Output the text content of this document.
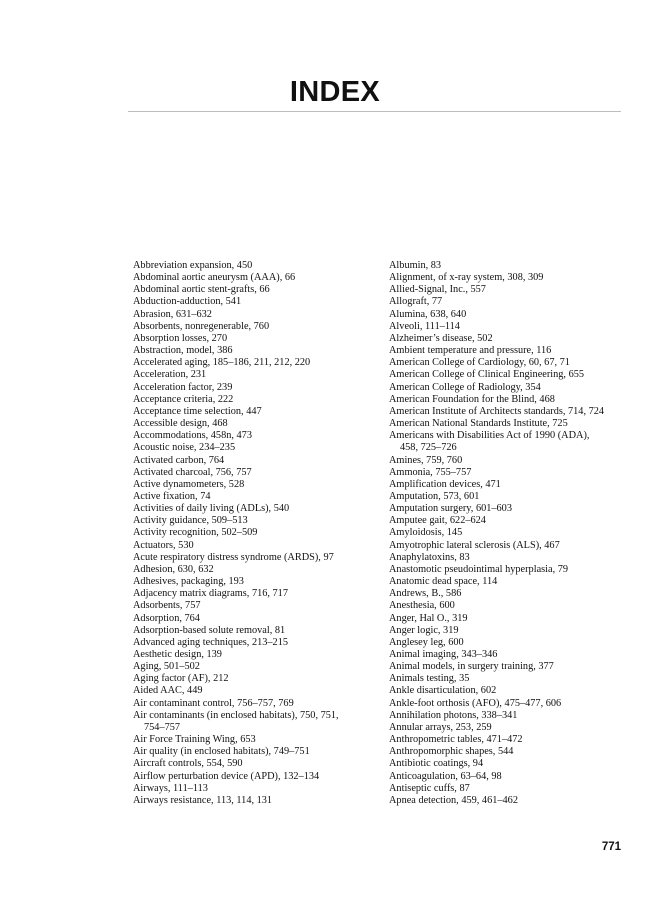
INDEX
Abbreviation expansion, 450
Abdominal aortic aneurysm (AAA), 66
Abdominal aortic stent-grafts, 66
Abduction-adduction, 541
Abrasion, 631–632
Absorbents, nonregenerable, 760
Absorption losses, 270
Abstraction, model, 386
Accelerated aging, 185–186, 211, 212, 220
Acceleration, 231
Acceleration factor, 239
Acceptance criteria, 222
Acceptance time selection, 447
Accessible design, 468
Accommodations, 458n, 473
Acoustic noise, 234–235
Activated carbon, 764
Activated charcoal, 756, 757
Active dynamometers, 528
Active fixation, 74
Activities of daily living (ADLs), 540
Activity guidance, 509–513
Activity recognition, 502–509
Actuators, 530
Acute respiratory distress syndrome (ARDS), 97
Adhesion, 630, 632
Adhesives, packaging, 193
Adjacency matrix diagrams, 716, 717
Adsorbents, 757
Adsorption, 764
Adsorption-based solute removal, 81
Advanced aging techniques, 213–215
Aesthetic design, 139
Aging, 501–502
Aging factor (AF), 212
Aided AAC, 449
Air contaminant control, 756–757, 769
Air contaminants (in enclosed habitats), 750, 751,
754–757
Air Force Training Wing, 653
Air quality (in enclosed habitats), 749–751
Aircraft controls, 554, 590
Airflow perturbation device (APD), 132–134
Airways, 111–113
Airways resistance, 113, 114, 131
Albumin, 83
Alignment, of x-ray system, 308, 309
Allied-Signal, Inc., 557
Allograft, 77
Alumina, 638, 640
Alveoli, 111–114
Alzheimer’s disease, 502
Ambient temperature and pressure, 116
American College of Cardiology, 60, 67, 71
American College of Clinical Engineering, 655
American College of Radiology, 354
American Foundation for the Blind, 468
American Institute of Architects standards, 714, 724
American National Standards Institute, 725
Americans with Disabilities Act of 1990 (ADA),
458, 725–726
Amines, 759, 760
Ammonia, 755–757
Amplification devices, 471
Amputation, 573, 601
Amputation surgery, 601–603
Amputee gait, 622–624
Amyloidosis, 145
Amyotrophic lateral sclerosis (ALS), 467
Anaphylatoxins, 83
Anastomotic pseudointimal hyperplasia, 79
Anatomic dead space, 114
Andrews, B., 586
Anesthesia, 600
Anger, Hal O., 319
Anger logic, 319
Anglesey leg, 600
Animal imaging, 343–346
Animal models, in surgery training, 377
Animals testing, 35
Ankle disarticulation, 602
Ankle-foot orthosis (AFO), 475–477, 606
Annihilation photons, 338–341
Annular arrays, 253, 259
Anthropometric tables, 471–472
Anthropomorphic shapes, 544
Antibiotic coatings, 94
Anticoagulation, 63–64, 98
Antiseptic cuffs, 87
Apnea detection, 459, 461–462
771
